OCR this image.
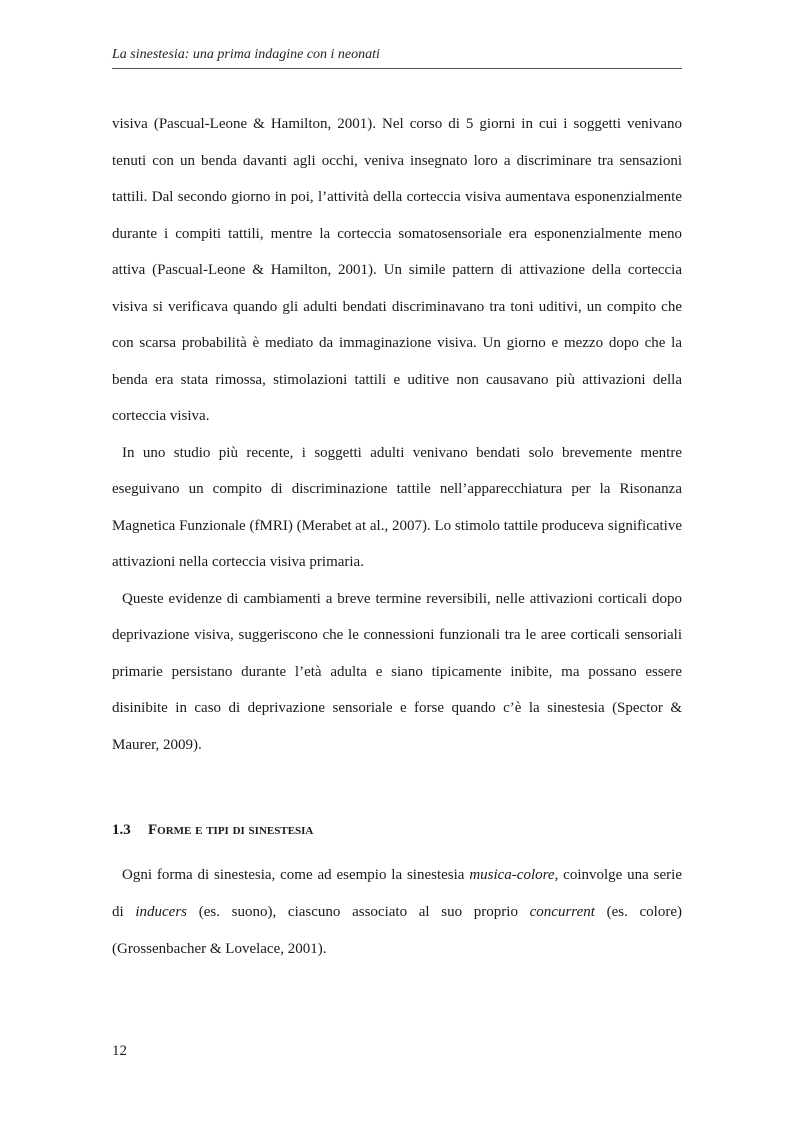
La sinestesia: una prima indagine con i neonati

visiva (Pascual-Leone & Hamilton, 2001). Nel corso di 5 giorni in cui i soggetti venivano tenuti con un benda davanti agli occhi, veniva insegnato loro a discriminare tra sensazioni tattili. Dal secondo giorno in poi, l’attività della corteccia visiva aumentava esponenzialmente durante i compiti tattili, mentre la corteccia somatosensoriale era esponenzialmente meno attiva (Pascual-Leone & Hamilton, 2001). Un simile pattern di attivazione della corteccia visiva si verificava quando gli adulti bendati discriminavano tra toni uditivi, un compito che con scarsa probabilità è mediato da immaginazione visiva. Un giorno e mezzo dopo che la benda era stata rimossa, stimolazioni tattili e uditive non causavano più attivazioni della corteccia visiva.

In uno studio più recente, i soggetti adulti venivano bendati solo brevemente mentre eseguivano un compito di discriminazione tattile nell’apparecchiatura per la Risonanza Magnetica Funzionale (fMRI) (Merabet at al., 2007). Lo stimolo tattile produceva significative attivazioni nella corteccia visiva primaria.

Queste evidenze di cambiamenti a breve termine reversibili, nelle attivazioni corticali dopo deprivazione visiva, suggeriscono che le connessioni funzionali tra le aree corticali sensoriali primarie persistano durante l’età adulta e siano tipicamente inibite, ma possano essere disinibite in caso di deprivazione sensoriale e forse quando c’è la sinestesia (Spector & Maurer, 2009).

1.3 Forme e tipi di sinestesia

Ogni forma di sinestesia, come ad esempio la sinestesia musica-colore, coinvolge una serie di inducers (es. suono), ciascuno associato al suo proprio concurrent (es. colore) (Grossenbacher & Lovelace, 2001).

12
